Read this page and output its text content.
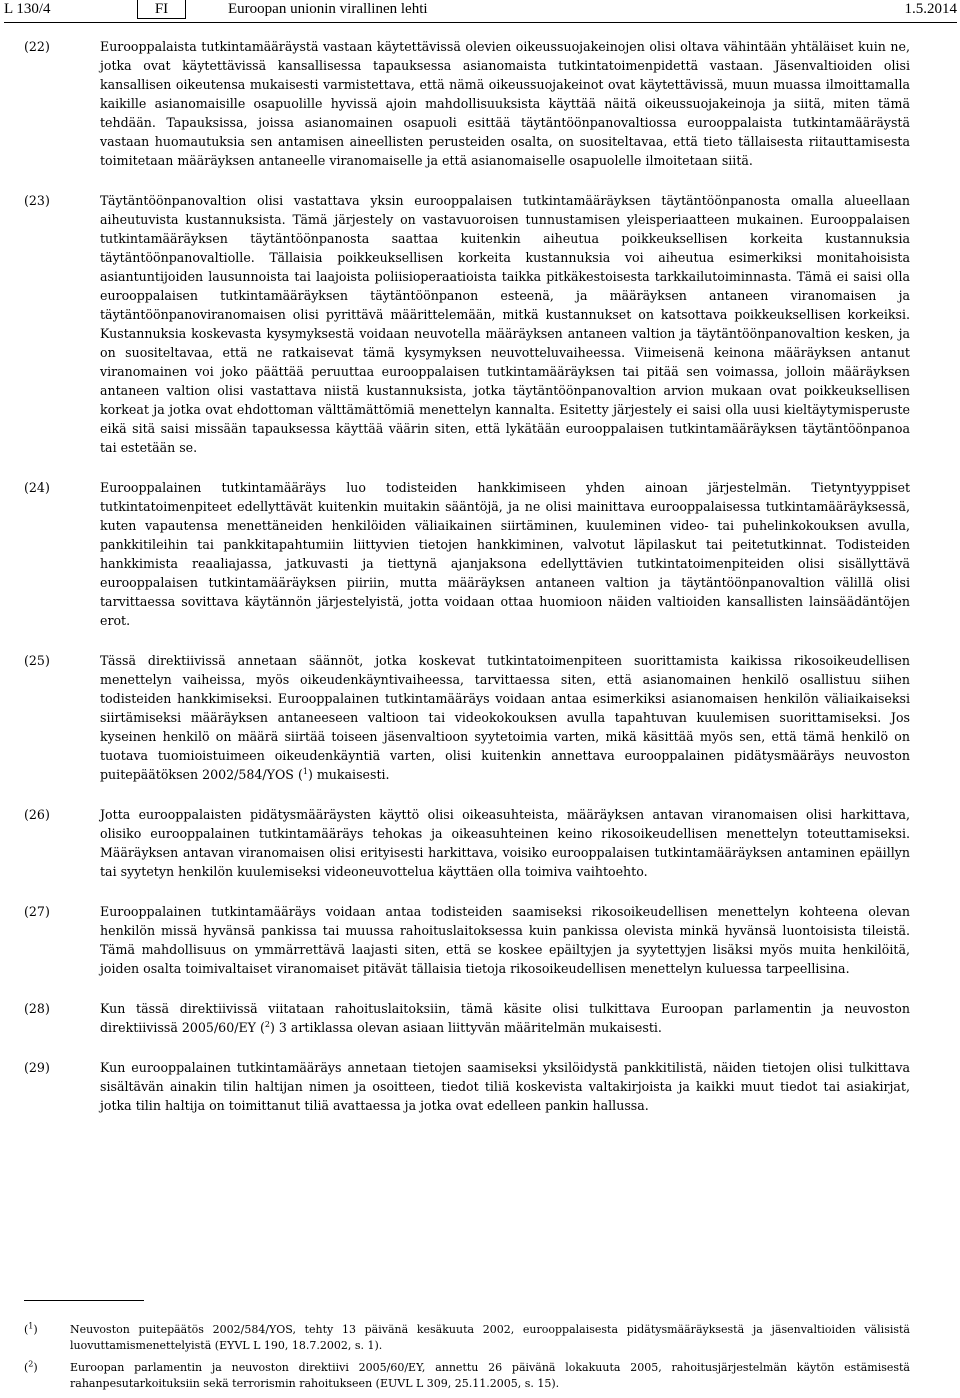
L 130/4	FI	Euroopan unionin virallinen lehti	1.5.2014
(22)	Eurooppalaista tutkintamääräystä vastaan käytettävissä olevien oikeussuojakeinojen olisi oltava vähintään yhtäläiset kuin ne, jotka ovat käytettävissä kansallisessa tapauksessa asianomaista tutkintatoimenpidettä vastaan. Jäsenvaltioiden olisi kansallisen oikeutensa mukaisesti varmistettava, että nämä oikeussuojakeinot ovat käytettävissä, muun muassa ilmoittamalla kaikille asianomaisille osapuolille hyvissä ajoin mahdollisuuksista käyttää näitä oikeussuojakeinoja ja siitä, miten tämä tehdään. Tapauksissa, joissa asianomainen osapuoli esittää täytäntöönpanovaltiossa eurooppalaista tutkintamääräystä vastaan huomautuksia sen antamisen aineellisten perusteiden osalta, on suositeltavaa, että tieto tällaisesta riitauttamisesta toimitetaan määräyksen antaneelle viranomaiselle ja että asianomaiselle osapuolelle ilmoitetaan siitä.
(23)	Täytäntöönpanovaltion olisi vastattava yksin eurooppalaisen tutkintamääräyksen täytäntöönpanosta omalla alueellaan aiheutuvista kustannuksista. Tämä järjestely on vastavuoroisen tunnustamisen yleisperiaatteen mukainen. Eurooppalaisen tutkintamääräyksen täytäntöönpanosta saattaa kuitenkin aiheutua poikkeuksellisen korkeita kustannuksia täytäntöönpanovaltiolle. Tällaisia poikkeuksellisen korkeita kustannuksia voi aiheutua esimerkiksi monitahoisista asiantuntijoiden lausunnoista tai laajoista poliisioperaatioista taikka pitkäkestoisesta tarkkailutoiminnasta. Tämä ei saisi olla eurooppalaisen tutkintamääräyksen täytäntöönpanon esteenä, ja määräyksen antaneen viranomaisen ja täytäntöönpanoviranomaisen olisi pyrittävä määrittelemään, mitkä kustannukset on katsottava poikkeuksellisen korkeiksi. Kustannuksia koskevasta kysymyksestä voidaan neuvotella määräyksen antaneen valtion ja täytäntöönpanovaltion kesken, ja on suositeltavaa, että ne ratkaisevat tämä kysymyksen neuvotteluvaiheessa. Viimeisenä keinona määräyksen antanut viranomainen voi joko päättää peruuttaa eurooppalaisen tutkintamääräyksen tai pitää sen voimassa, jolloin määräyksen antaneen valtion olisi vastattava niistä kustannuksista, jotka täytäntöönpanovaltion arvion mukaan ovat poikkeuksellisen korkeat ja jotka ovat ehdottoman välttämättömiä menettelyn kannalta. Esitetty järjestely ei saisi olla uusi kieltäytymisperuste eikä sitä saisi missään tapauksessa käyttää väärin siten, että lykätään eurooppalaisen tutkintamääräyksen täytäntöönpanoa tai estetään se.
(24)	Eurooppalainen tutkintamääräys luo todisteiden hankkimiseen yhden ainoan järjestelmän. Tietyntyyppiset tutkintatoimenpiteet edellyttävät kuitenkin muitakin sääntöjä, ja ne olisi mainittava eurooppalaisessa tutkintamääräyksessä, kuten vapautensa menettäneiden henkilöiden väliaikainen siirtäminen, kuuleminen video- tai puhelinkokouksen avulla, pankkitileihin tai pankkitapahtumiin liittyvien tietojen hankkiminen, valvotut läpilaskut tai peitetutkinnat. Todisteiden hankkimista reaaliajassa, jatkuvasti ja tiettynä ajanjaksona edellyttävien tutkintatoimenpiteiden olisi sisällyttävä eurooppalaisen tutkintamääräyksen piiriin, mutta määräyksen antaneen valtion ja täytäntöönpanovaltion välillä olisi tarvittaessa sovittava käytännön järjestelyistä, jotta voidaan ottaa huomioon näiden valtioiden kansallisten lainsäädäntöjen erot.
(25)	Tässä direktiivissä annetaan säännöt, jotka koskevat tutkintatoimenpiteen suorittamista kaikissa rikosoikeudellisen menettelyn vaiheissa, myös oikeudenkäyntivaiheessa, tarvittaessa siten, että asianomainen henkilö osallistuu siihen todisteiden hankkimiseksi. Eurooppalainen tutkintamääräys voidaan antaa esimerkiksi asianomaisen henkilön väliaikaiseksi siirtämiseksi määräyksen antaneeseen valtioon tai videokokouksen avulla tapahtuvan kuulemisen suorittamiseksi. Jos kyseinen henkilö on määrä siirtää toiseen jäsenvaltioon syytetoimia varten, mikä käsittää myös sen, että tämä henkilö on tuotava tuomioistuimeen oikeudenkäyntiä varten, olisi kuitenkin annettava eurooppalainen pidätysmääräys neuvoston puitepäätöksen 2002/584/YOS ($^1$) mukaisesti.
(26)	Jotta eurooppalaisten pidätysmääräysten käyttö olisi oikeasuhteista, määräyksen antavan viranomaisen olisi harkittava, olisiko eurooppalainen tutkintamääräys tehokas ja oikeasuhteinen keino rikosoikeudellisen menettelyn toteuttamiseksi. Määräyksen antavan viranomaisen olisi erityisesti harkittava, voisiko eurooppalaisen tutkintamääräyksen antaminen epäillyn tai syytetyn henkilön kuulemiseksi videoneuvottelua käyttäen olla toimiva vaihtoehto.
(27)	Eurooppalainen tutkintamääräys voidaan antaa todisteiden saamiseksi rikosoikeudellisen menettelyn kohteena olevan henkilön missä hyvänsä pankissa tai muussa rahoituslaitoksessa kuin pankissa olevista minkä hyvänsä luontoisista tileistä. Tämä mahdollisuus on ymmärrettävä laajasti siten, että se koskee epäiltyjen ja syytettyjen lisäksi myös muita henkilöitä, joiden osalta toimivaltaiset viranomaiset pitävät tällaisia tietoja rikosoikeudellisen menettelyn kuluessa tarpeellisina.
(28)	Kun tässä direktiivissä viitataan rahoituslaitoksiin, tämä käsite olisi tulkittava Euroopan parlamentin ja neuvoston direktiivissä 2005/60/EY ($^2$) 3 artiklassa olevan asiaan liittyvän määritelmän mukaisesti.
(29)	Kun eurooppalainen tutkintamääräys annetaan tietojen saamiseksi yksilöidystä pankkitilistä, näiden tietojen olisi tulkittava sisältävän ainakin tilin haltijan nimen ja osoitteen, tiedot tiliä koskevista valtakirjoista ja kaikki muut tiedot tai asiakirjat, jotka tilin haltija on toimittanut tiliä avattaessa ja jotka ovat edelleen pankin hallussa.
($^1$)	Neuvoston puitepäätös 2002/584/YOS, tehty 13 päivänä kesäkuuta 2002, eurooppalaisesta pidätysmääräyksestä ja jäsenvaltioiden välisistä luovuttamismenettelyistä (EYVL L 190, 18.7.2002, s. 1).
($^2$)	Euroopan parlamentin ja neuvoston direktiivi 2005/60/EY, annettu 26 päivänä lokakuuta 2005, rahoitusjärjestelmän käytön estämisestä rahanpesutarkoituksiin sekä terrorismin rahoitukseen (EUVL L 309, 25.11.2005, s. 15).
